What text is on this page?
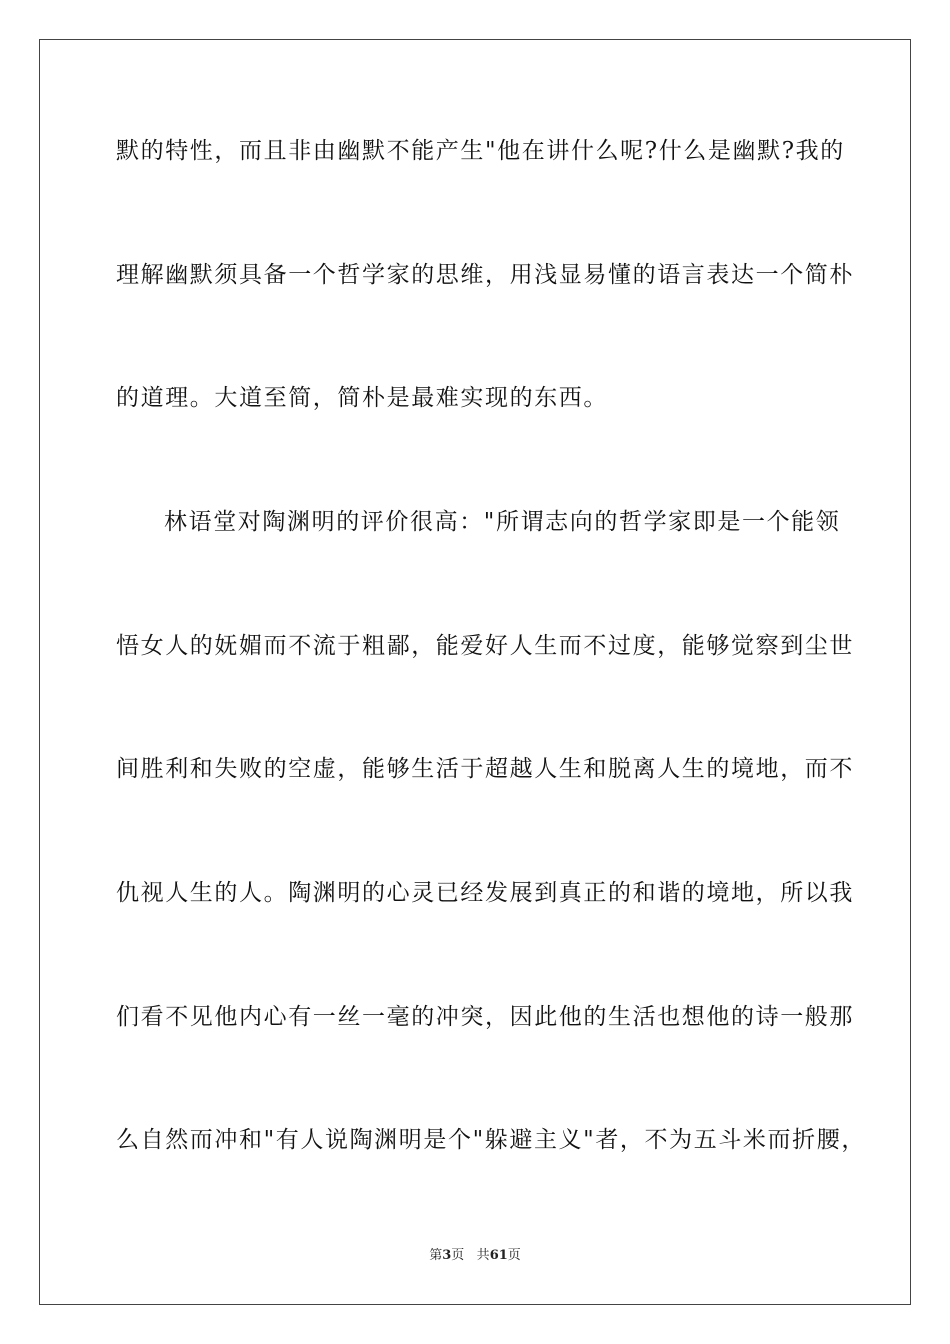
默的特性，而且非由幽默不能产生"他在讲什么呢?什么是幽默?我的
理解幽默须具备一个哲学家的思维，用浅显易懂的语言表达一个简朴
的道理。大道至简，简朴是最难实现的东西。
林语堂对陶渊明的评价很高："所谓志向的哲学家即是一个能领
悟女人的妩媚而不流于粗鄙，能爱好人生而不过度，能够觉察到尘世
间胜利和失败的空虚，能够生活于超越人生和脱离人生的境地，而不
仇视人生的人。陶渊明的心灵已经发展到真正的和谐的境地，所以我
们看不见他内心有一丝一毫的冲突，因此他的生活也想他的诗一般那
么自然而冲和"有人说陶渊明是个"躲避主义"者，不为五斗米而折腰，
第3页 共61页
